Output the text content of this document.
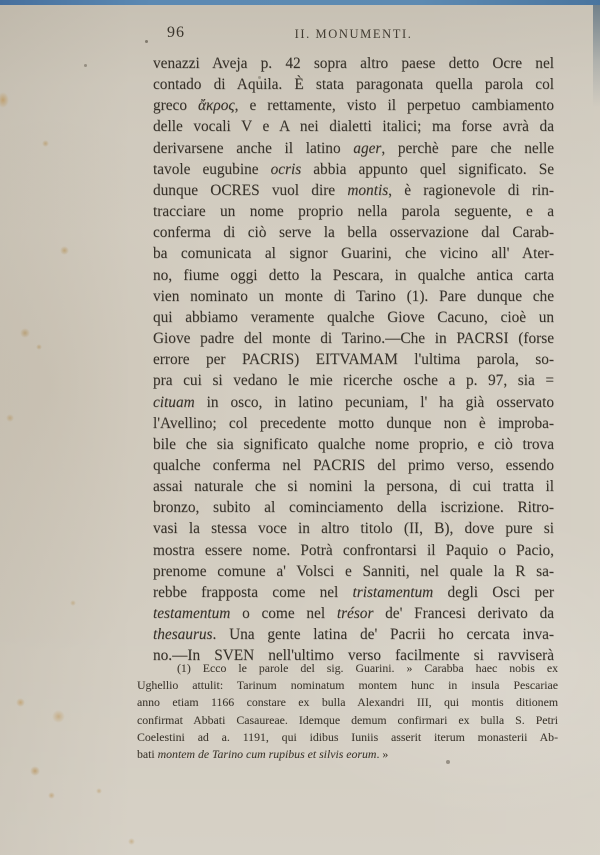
96	II. MONUMENTI.
venazzi Aveja p. 42 sopra altro paese detto Ocre nel
contado di Aquila. È stata paragonata quella parola col
greco ἄκρος, e rettamente, visto il perpetuo cambiamento
delle vocali V e A nei dialetti italici; ma forse avrà da
derivarsene anche il latino ager, perchè pare che nelle
tavole eugubine ocris abbia appunto quel significato. Se
dunque OCRES vuol dire montis, è ragionevole di rin-
tracciare un nome proprio nella parola seguente, e a
conferma di ciò serve la bella osservazione dal Carab-
ba comunicata al signor Guarini, che vicino all' Ater-
no, fiume oggi detto la Pescara, in qualche antica carta
vien nominato un monte di Tarino (1). Pare dunque che
qui abbiamo veramente qualche Giove Cacuno, cioè un
Giove padre del monte di Tarino.—Che in PACRSI (forse
errore per PACRIS) EITVAMAM l'ultima parola, so-
pra cui si vedano le mie ricerche osche a p. 97, sia =
cituam in osco, in latino pecuniam, l' ha già osservato
l'Avellino; col precedente motto dunque non è improba-
bile che sia significato qualche nome proprio, e ciò trova
qualche conferma nel PACRIS del primo verso, essendo
assai naturale che si nomini la persona, di cui tratta il
bronzo, subito al cominciamento della iscrizione. Ritro-
vasi la stessa voce in altro titolo (II, B), dove pure si
mostra essere nome. Potrà confrontarsi il Paquio o Pacio,
prenome comune a' Volsci e Sanniti, nel quale la R sa-
rebbe frapposta come nel tristamentum degli Osci per
testamentum o come nel trésor de' Francesi derivato da
thesaurus. Una gente latina de' Pacrii ho cercata inva-
no.—In SVEN nell'ultimo verso facilmente si ravviserà
(1) Ecco le parole del sig. Guarini. » Carabba haec nobis ex
Ughellio attulit: Tarinum nominatum montem hunc in insula Pescariae
anno etiam 1166 constare ex bulla Alexandri III, qui montis ditionem
confirmat Abbati Casaureae. Idemque demum confirmari ex bulla S. Petri
Coelestini ad a. 1191, qui idibus Iuniis asserit iterum monasterii Ab-
bati montem de Tarino cum rupibus et silvis eorum. »
